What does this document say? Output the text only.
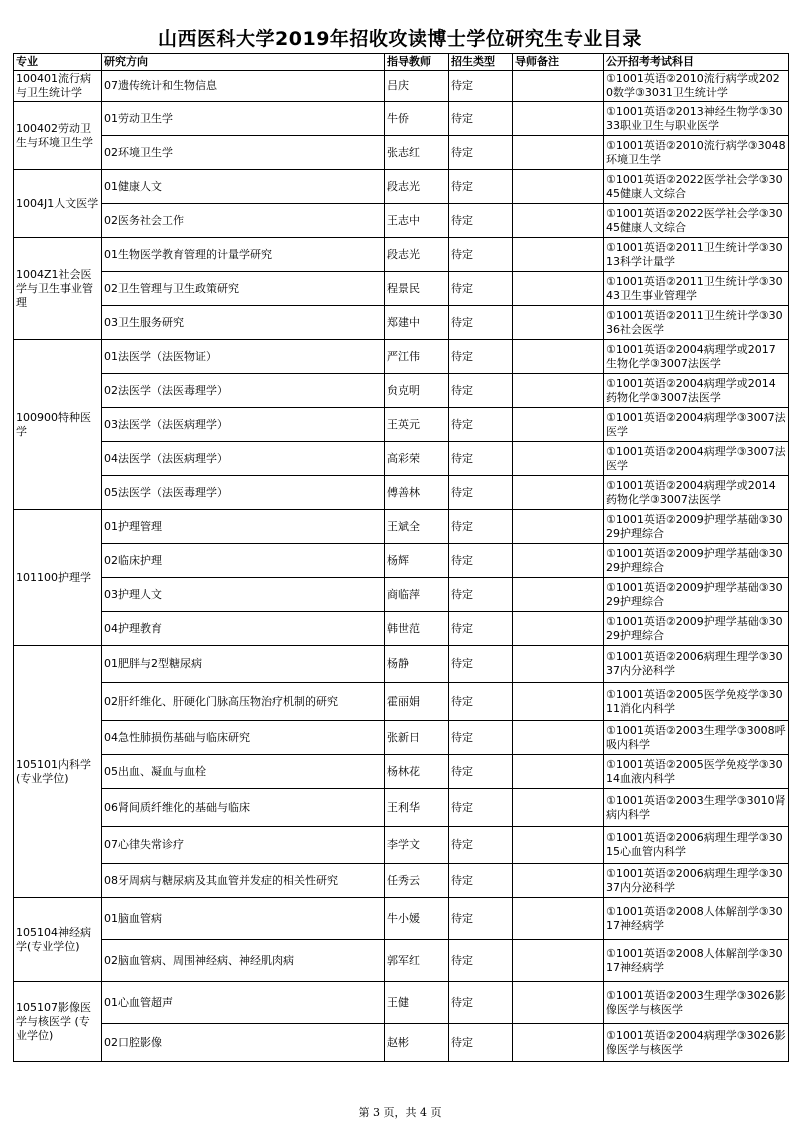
山西医科大学2019年招收攻读博士学位研究生专业目录
专业	研究方向	指导教师	招生类型	导师备注	公开招考考试科目
100401流行病与卫生统计学	07遗传统计和生物信息	吕庆	待定		①1001英语②2010流行病学或2020数学③3031卫生统计学
100402劳动卫生与环境卫生学	01劳动卫生学	牛侨	待定		①1001英语②2013神经生物学③3033职业卫生与职业医学
	02环境卫生学	张志红	待定		①1001英语②2010流行病学③3048环境卫生学
1004J1人文医学	01健康人文	段志光	待定		①1001英语②2022医学社会学③3045健康人文综合
	02医务社会工作	王志中	待定		①1001英语②2022医学社会学③3045健康人文综合
1004Z1社会医学与卫生事业管理	01生物医学教育管理的计量学研究	段志光	待定		①1001英语②2011卫生统计学③3013科学计量学
	02卫生管理与卫生政策研究	程景民	待定		①1001英语②2011卫生统计学③3043卫生事业管理学
	03卫生服务研究	郑建中	待定		①1001英语②2011卫生统计学③3036社会医学
100900特种医学	01法医学（法医物证）	严江伟	待定		①1001英语②2004病理学或2017生物化学③3007法医学
	02法医学（法医毒理学）	贠克明	待定		①1001英语②2004病理学或2014药物化学③3007法医学
	03法医学（法医病理学）	王英元	待定		①1001英语②2004病理学③3007法医学
	04法医学（法医病理学）	高彩荣	待定		①1001英语②2004病理学③3007法医学
	05法医学（法医毒理学）	傅善林	待定		①1001英语②2004病理学或2014药物化学③3007法医学
101100护理学	01护理管理	王斌全	待定		①1001英语②2009护理学基础③3029护理综合
	02临床护理	杨辉	待定		①1001英语②2009护理学基础③3029护理综合
	03护理人文	商临萍	待定		①1001英语②2009护理学基础③3029护理综合
	04护理教育	韩世范	待定		①1001英语②2009护理学基础③3029护理综合
105101内科学(专业学位)	01肥胖与2型糖尿病	杨静	待定		①1001英语②2006病理生理学③3037内分泌科学
	02肝纤维化、肝硬化门脉高压物治疗机制的研究	霍丽娟	待定		①1001英语②2005医学免疫学③3011消化内科学
	04急性肺损伤基础与临床研究	张新日	待定		①1001英语②2003生理学③3008呼吸内科学
	05出血、凝血与血栓	杨林花	待定		①1001英语②2005医学免疫学③3014血液内科学
	06肾间质纤维化的基础与临床	王利华	待定		①1001英语②2003生理学③3010肾病内科学
	07心律失常诊疗	李学文	待定		①1001英语②2006病理生理学③3015心血管内科学
	08牙周病与糖尿病及其血管并发症的相关性研究	任秀云	待定		①1001英语②2006病理生理学③3037内分泌科学
105104神经病学(专业学位)	01脑血管病	牛小媛	待定		①1001英语②2008人体解剖学③3017神经病学
	02脑血管病、周围神经病、神经肌肉病	郭军红	待定		①1001英语②2008人体解剖学③3017神经病学
105107影像医学与核医学 (专业学位)	01心血管超声	王健	待定		①1001英语②2003生理学③3026影像医学与核医学
	02口腔影像	赵彬	待定		①1001英语②2004病理学③3026影像医学与核医学
第 3 页，共 4 页
